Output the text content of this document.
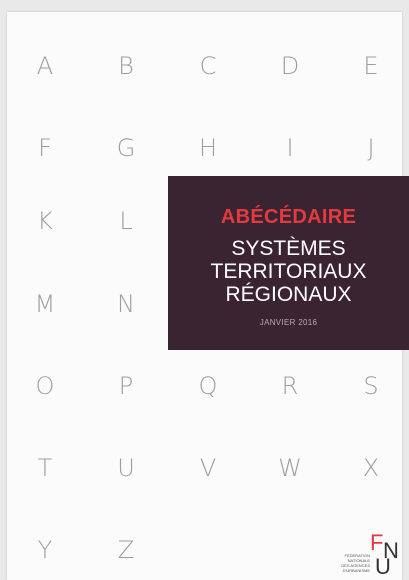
A	B	C	D	E
F	G	H	I	J
K	L
M	N
O	P	Q	R	S
T	U	V	W	X
Y	Z
ABÉCÉDAIRE
SYSTÈMES
TERRITORIAUX
RÉGIONAUX
JANVIER 2016
FÉDÉRATION
NATIONALE
DES AGENCES
D'URBANISME
F N
U
